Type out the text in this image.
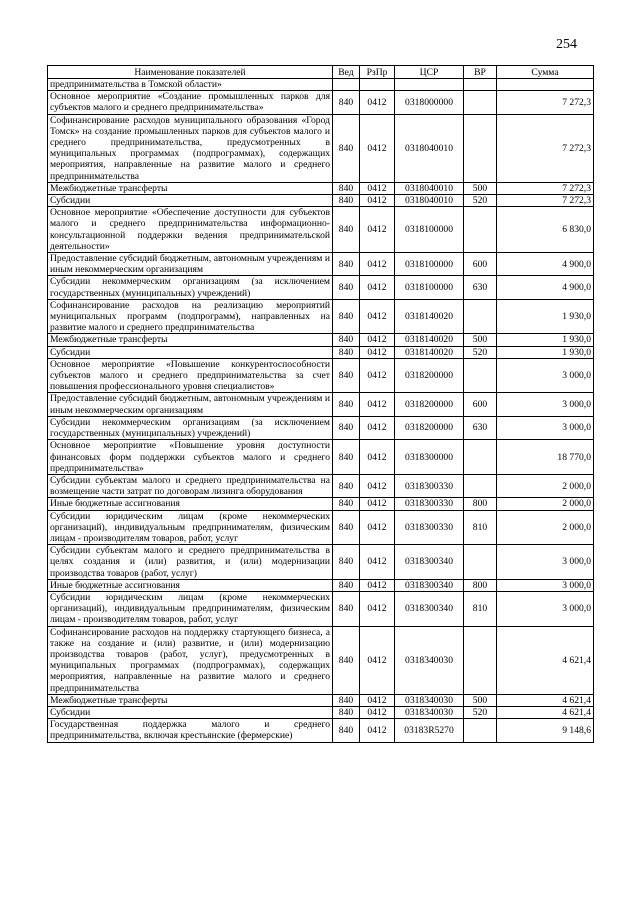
254
Наименование показателей	Вед	РзПр	ЦСР	ВР	Сумма
предпринимательства в Томской области»					
Основное мероприятие «Создание промышленных парков для субъектов малого и среднего предпринимательства»	840	0412	0318000000		7 272,3
Софинансирование расходов муниципального образования «Город Томск» на создание промышленных парков для субъектов малого и среднего предпринимательства, предусмотренных в муниципальных программах (подпрограммах), содержащих мероприятия, направленные на развитие малого и среднего предпринимательства	840	0412	0318040010		7 272,3
Межбюджетные трансферты	840	0412	0318040010	500	7 272,3
Субсидии	840	0412	0318040010	520	7 272,3
Основное мероприятие «Обеспечение доступности для субъектов малого и среднего предпринимательства информационно-консультационной поддержки ведения предпринимательской деятельности»	840	0412	0318100000		6 830,0
Предоставление субсидий бюджетным, автономным учреждениям и иным некоммерческим организациям	840	0412	0318100000	600	4 900,0
Субсидии некоммерческим организациям (за исключением государственных (муниципальных) учреждений)	840	0412	0318100000	630	4 900,0
Софинансирование расходов на реализацию мероприятий муниципальных программ (подпрограмм), направленных на развитие малого и среднего предпринимательства	840	0412	0318140020		1 930,0
Межбюджетные трансферты	840	0412	0318140020	500	1 930,0
Субсидии	840	0412	0318140020	520	1 930,0
Основное мероприятие «Повышение конкурентоспособности субъектов малого и среднего предпринимательства за счет повышения профессионального уровня специалистов»	840	0412	0318200000		3 000,0
Предоставление субсидий бюджетным, автономным учреждениям и иным некоммерческим организациям	840	0412	0318200000	600	3 000,0
Субсидии некоммерческим организациям (за исключением государственных (муниципальных) учреждений)	840	0412	0318200000	630	3 000,0
Основное мероприятие «Повышение уровня доступности финансовых форм поддержки субъектов малого и среднего предпринимательства»	840	0412	0318300000		18 770,0
Субсидии субъектам малого и среднего предпринимательства на возмещение части затрат по договорам лизинга оборудования	840	0412	0318300330		2 000,0
Иные бюджетные ассигнования	840	0412	0318300330	800	2 000,0
Субсидии юридическим лицам (кроме некоммерческих организаций), индивидуальным предпринимателям, физическим лицам - производителям товаров, работ, услуг	840	0412	0318300330	810	2 000,0
Субсидии субъектам малого и среднего предпринимательства в целях создания и (или) развития, и (или) модернизации производства товаров (работ, услуг)	840	0412	0318300340		3 000,0
Иные бюджетные ассигнования	840	0412	0318300340	800	3 000,0
Субсидии юридическим лицам (кроме некоммерческих организаций), индивидуальным предпринимателям, физическим лицам - производителям товаров, работ, услуг	840	0412	0318300340	810	3 000,0
Софинансирование расходов на поддержку стартующего бизнеса, а также на создание и (или) развитие, и (или) модернизацию производства товаров (работ, услуг), предусмотренных в муниципальных программах (подпрограммах), содержащих мероприятия, направленные на развитие малого и среднего предпринимательства	840	0412	0318340030		4 621,4
Межбюджетные трансферты	840	0412	0318340030	500	4 621,4
Субсидии	840	0412	0318340030	520	4 621,4
Государственная поддержка малого и среднего предпринимательства, включая крестьянские (фермерские)	840	0412	03183R5270		9 148,6
